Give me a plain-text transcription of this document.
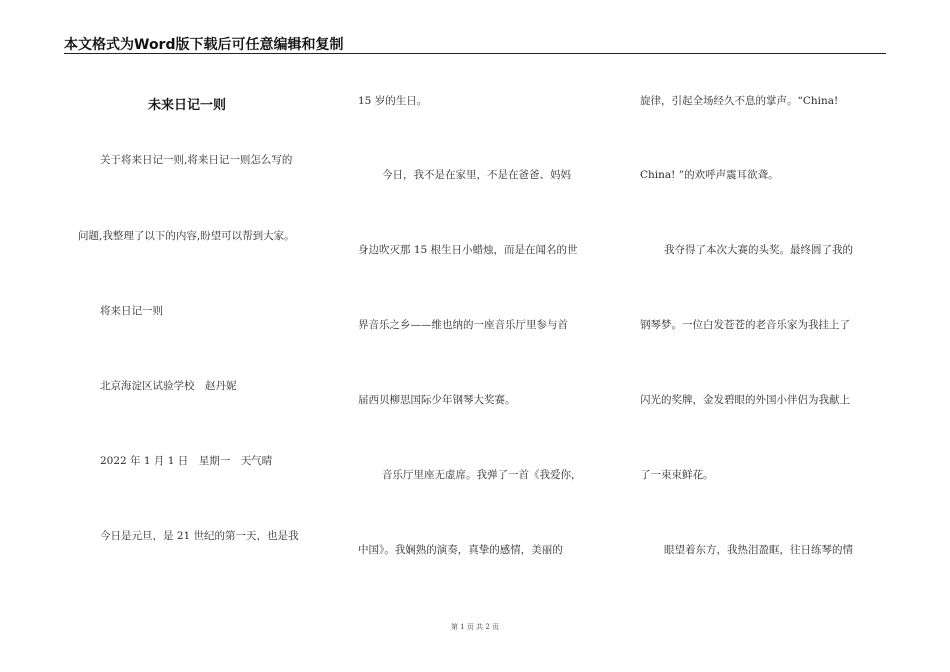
本文格式为Word版下载后可任意编辑和复制
未来日记一则
关于将来日记一则,将来日记一则怎么写的
问题,我整理了以下的内容,盼望可以帮到大家。
将来日记一则
北京海淀区试验学校　赵丹妮
2022 年 1 月 1 日　星期一　天气晴
今日是元旦，是 21 世纪的第一天，也是我
15 岁的生日。
今日，我不是在家里，不是在爸爸、妈妈
身边吹灭那 15 根生日小蜡烛，而是在闻名的世
界音乐之乡——维也纳的一座音乐厅里参与首
届西贝柳思国际少年钢琴大奖赛。
音乐厅里座无虚席。我弹了一首《我爱你，
中国》。我娴熟的演奏，真挚的感情，美丽的
旋律，引起全场经久不息的掌声。“China!
China! ”的欢呼声震耳欲聋。
我夺得了本次大赛的头奖。最终圆了我的
钢琴梦。一位白发苍苍的老音乐家为我挂上了
闪光的奖牌，金发碧眼的外国小伴侣为我献上
了一束束鲜花。
眼望着东方，我热泪盈眶，往日练琴的情
第 1 页 共 2 页
